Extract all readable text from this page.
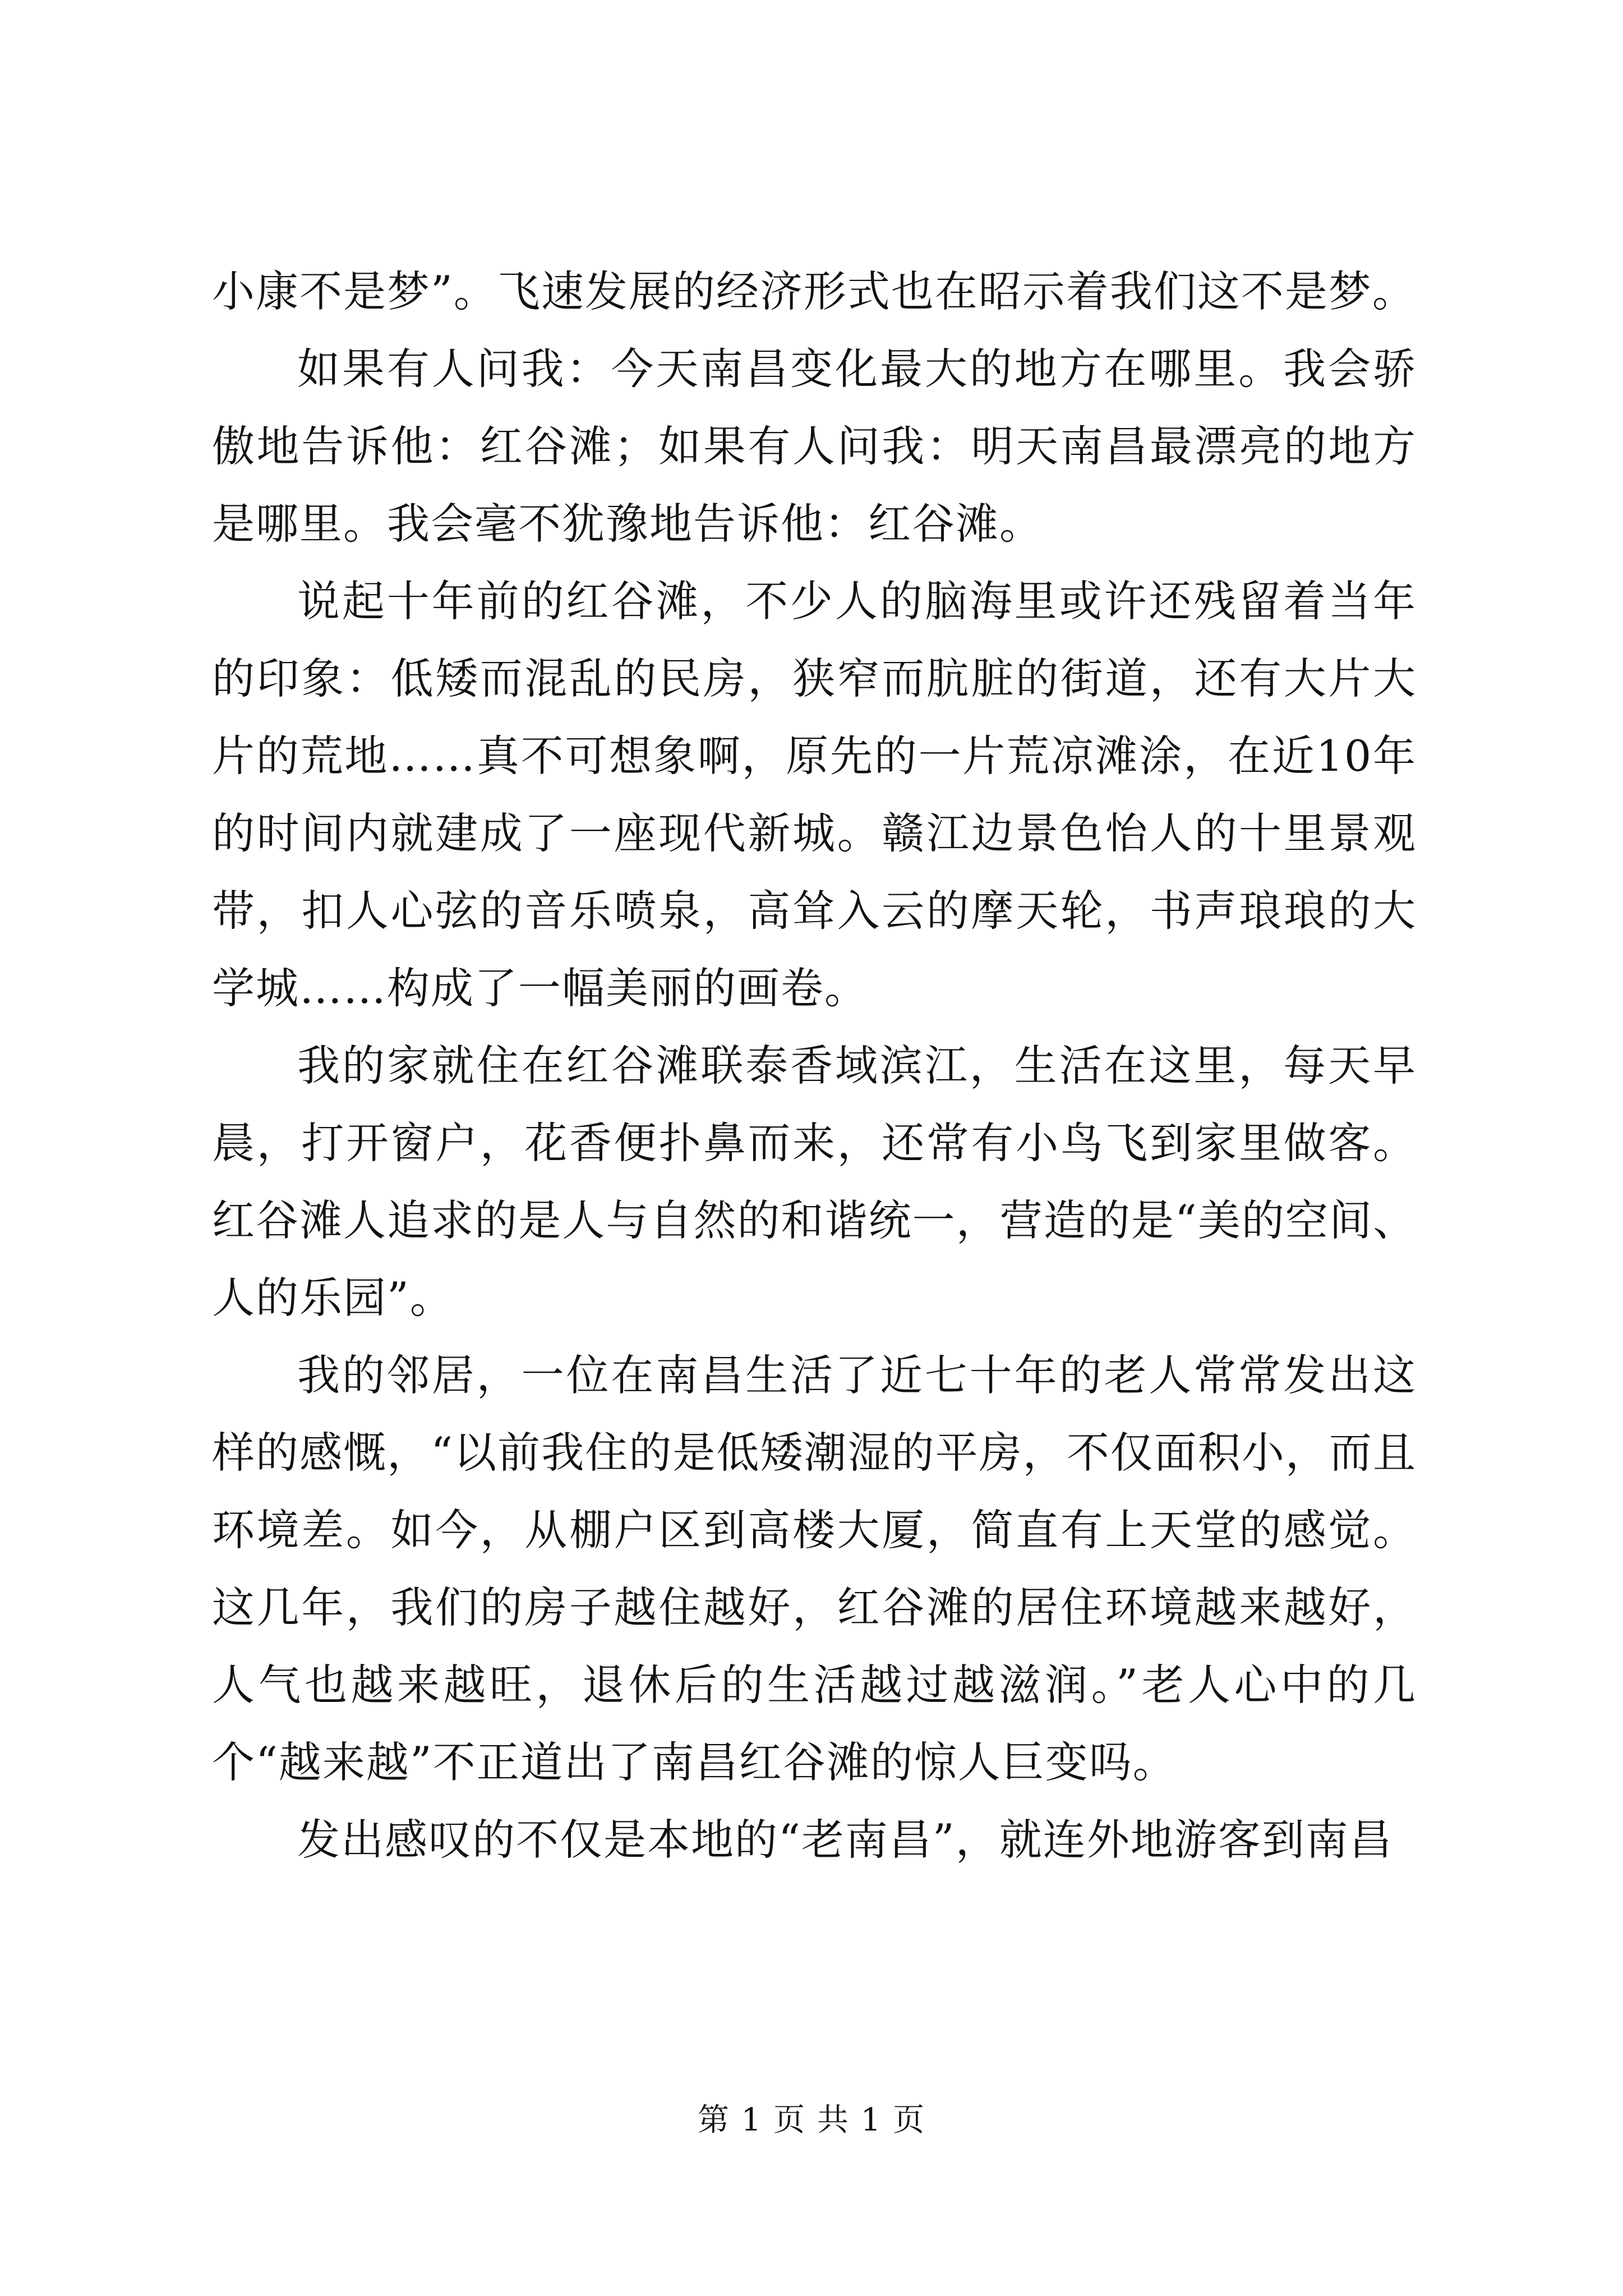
小康不是梦”。飞速发展的经济形式也在昭示着我们这不是梦。

如果有人问我：今天南昌变化最大的地方在哪里。我会骄傲地告诉他：红谷滩；如果有人问我：明天南昌最漂亮的地方是哪里。我会毫不犹豫地告诉他：红谷滩。

说起十年前的红谷滩，不少人的脑海里或许还残留着当年的印象：低矮而混乱的民房，狭窄而肮脏的街道，还有大片大片的荒地……真不可想象啊，原先的一片荒凉滩涂，在近10年的时间内就建成了一座现代新城。赣江边景色怡人的十里景观带，扣人心弦的音乐喷泉，高耸入云的摩天轮，书声琅琅的大学城……构成了一幅美丽的画卷。

我的家就住在红谷滩联泰香域滨江，生活在这里，每天早晨，打开窗户，花香便扑鼻而来，还常有小鸟飞到家里做客。红谷滩人追求的是人与自然的和谐统一，营造的是“美的空间、人的乐园”。

我的邻居，一位在南昌生活了近七十年的老人常常发出这样的感慨，“以前我住的是低矮潮湿的平房，不仅面积小，而且环境差。如今，从棚户区到高楼大厦，简直有上天堂的感觉。这几年，我们的房子越住越好，红谷滩的居住环境越来越好，人气也越来越旺，退休后的生活越过越滋润。”老人心中的几个“越来越”不正道出了南昌红谷滩的惊人巨变吗。

发出感叹的不仅是本地的“老南昌”，就连外地游客到南昌

第 1 页 共 1 页
